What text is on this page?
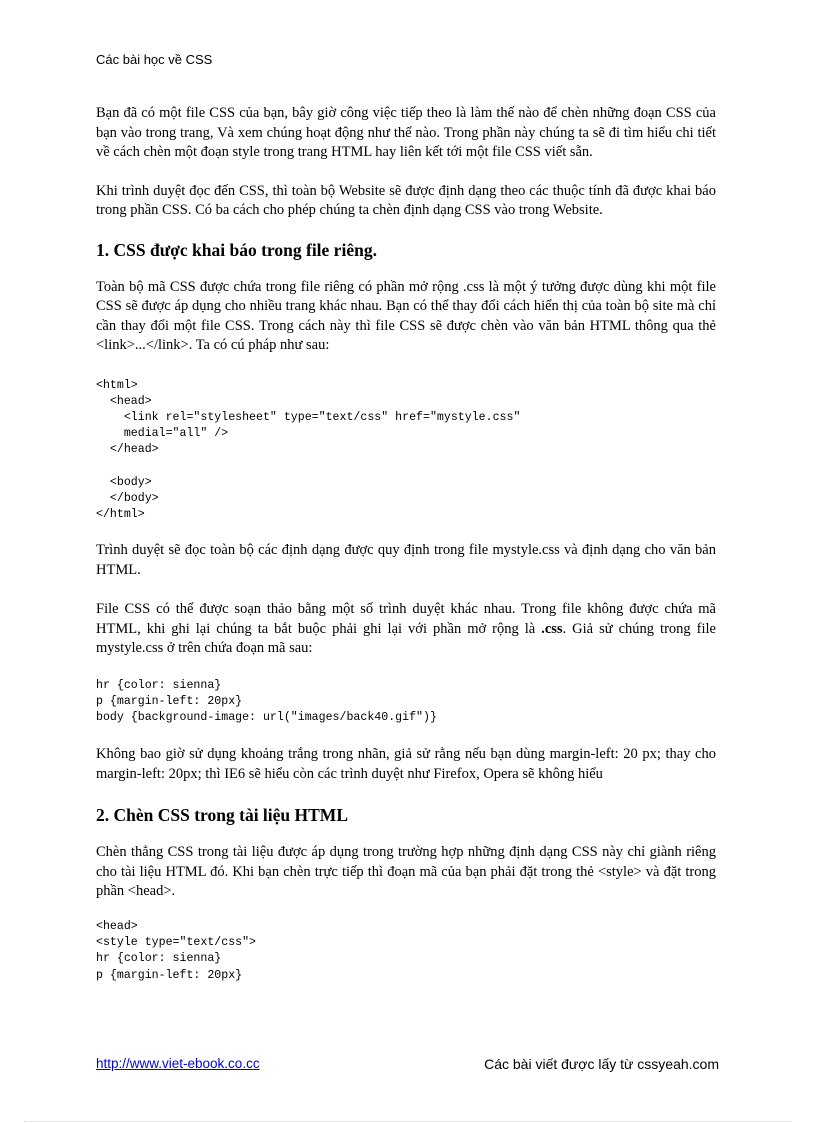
Các bài học về CSS

Bạn đã có một file CSS của bạn, bây giờ công việc tiếp theo là làm thế nào để chèn những đoạn CSS của bạn vào trong trang, Và xem chúng hoạt động như thế nào. Trong phần này chúng ta sẽ đi tìm hiểu chi tiết về cách chèn một đoạn style trong trang HTML hay liên kết tới một file CSS viết sẵn.

Khi trình duyệt đọc đến CSS, thì toàn bộ Website sẽ được định dạng theo các thuộc tính đã được khai báo trong phần CSS. Có ba cách cho phép chúng ta chèn định dạng CSS vào trong Website.

1. CSS được khai báo trong file riêng.

Toàn bộ mã CSS được chứa trong file riêng có phần mở rộng .css là một ý tưởng được dùng khi một file CSS sẽ được áp dụng cho nhiều trang khác nhau. Bạn có thể thay đổi cách hiển thị của toàn bộ site mà chỉ cần thay đổi một file CSS. Trong cách này thì file CSS sẽ được chèn vào văn bản HTML thông qua thẻ <link>...</link>. Ta có cú pháp như sau:

<html>
<head>
<link rel="stylesheet" type="text/css" href="mystyle.css"
medial="all" />
</head>

<body>
</body>
</html>

Trình duyệt sẽ đọc toàn bộ các định dạng được quy định trong file mystyle.css và định dạng cho văn bản HTML.

File CSS có thể được soạn thảo bằng một số trình duyệt khác nhau. Trong file không được chứa mã HTML, khi ghi lại chúng ta bắt buộc phải ghi lại với phần mở rộng là .css. Giả sử chúng trong file mystyle.css ở trên chứa đoạn mã sau:

hr {color: sienna}
p {margin-left: 20px}
body {background-image: url("images/back40.gif")}

Không bao giờ sử dụng khoảng trắng trong nhãn, giả sử rằng nếu bạn dùng margin-left: 20 px; thay cho margin-left: 20px; thì IE6 sẽ hiểu còn các trình duyệt như Firefox, Opera sẽ không hiểu

2. Chèn CSS trong tài liệu HTML

Chèn thẳng CSS trong tài liệu được áp dụng trong trường hợp những định dạng CSS này chỉ giành riêng cho tài liệu HTML đó. Khi bạn chèn trực tiếp thì đoạn mã của bạn phải đặt trong thẻ <style> và đặt trong phần <head>.

<head>
<style type="text/css">
hr {color: sienna}
p {margin-left: 20px}
http://www.viet-ebook.co.cc	Các bài viết được lấy từ cssyeah.com
